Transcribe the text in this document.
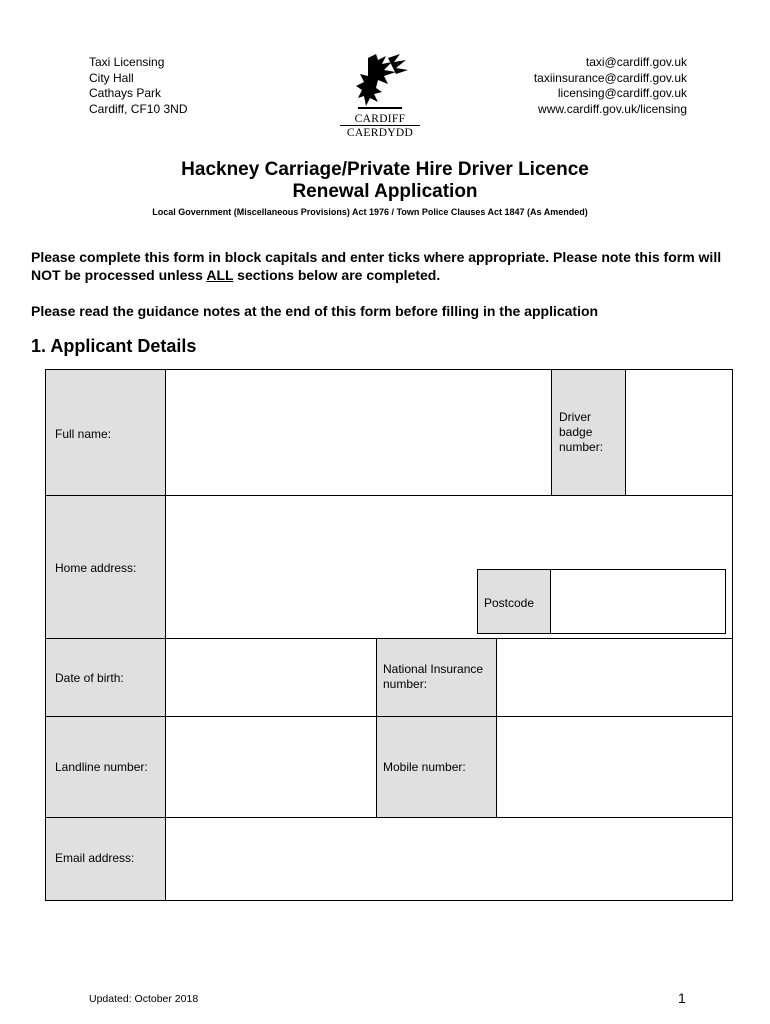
Taxi Licensing
City Hall
Cathays Park
Cardiff, CF10 3ND
CARDIFF
CAERDYDD
taxi@cardiff.gov.uk
taxiinsurance@cardiff.gov.uk
licensing@cardiff.gov.uk
www.cardiff.gov.uk/licensing
Hackney Carriage/Private Hire Driver Licence
Renewal Application
Local Government (Miscellaneous Provisions) Act 1976 / Town Police Clauses Act 1847 (As Amended)
Please complete this form in block capitals and enter ticks where appropriate. Please note this form will NOT be processed unless ALL sections below are completed.
Please read the guidance notes at the end of this form before filling in the application
1. Applicant Details
Full name:
Driver badge number:
Home address:
Postcode
Date of birth:
National Insurance number:
Landline number:	Mobile number:
Email address:
Updated: October 2018	1
